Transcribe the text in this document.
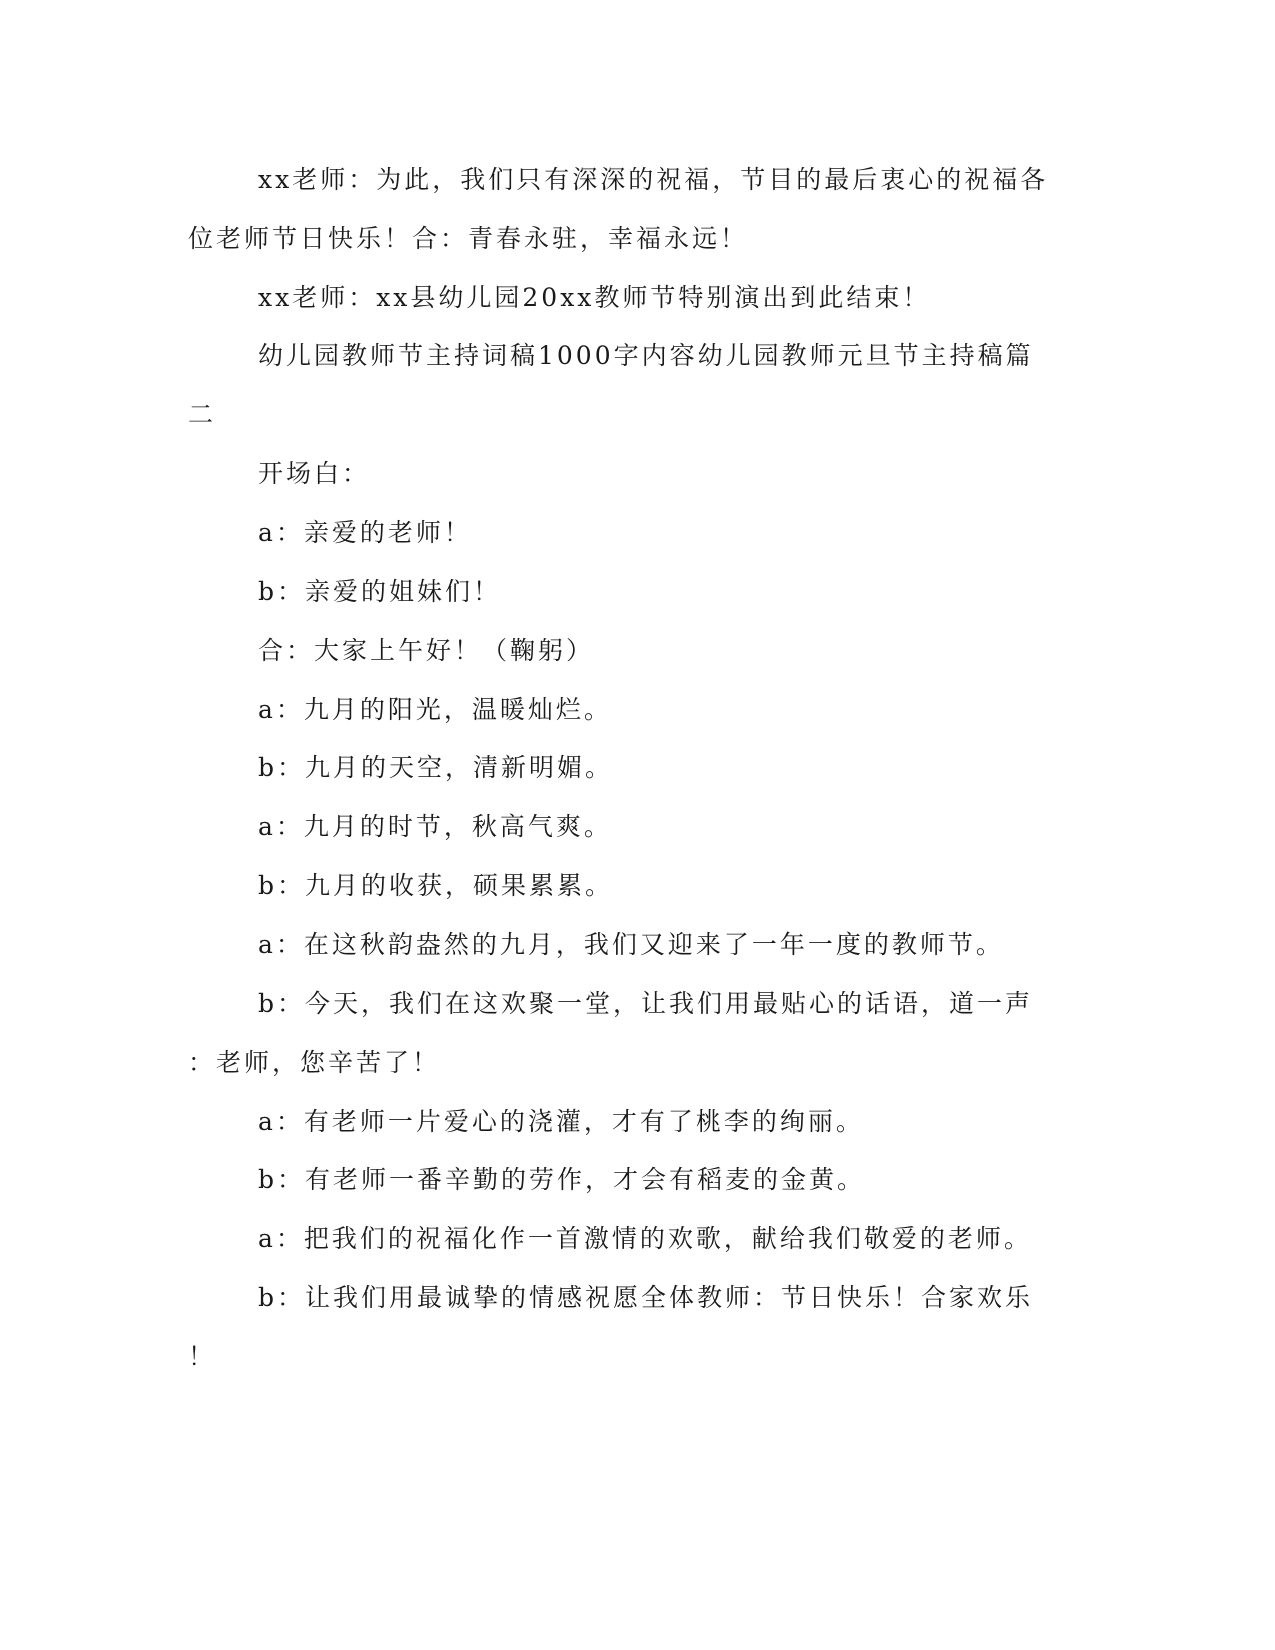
xx老师：为此，我们只有深深的祝福，节目的最后衷心的祝福各
位老师节日快乐！合：青春永驻，幸福永远！
xx老师：xx县幼儿园20xx教师节特别演出到此结束！
幼儿园教师节主持词稿1000字内容幼儿园教师元旦节主持稿篇
二
开场白：
a：亲爱的老师！
b：亲爱的姐妹们！
合：大家上午好！（鞠躬）
a：九月的阳光，温暖灿烂。
b：九月的天空，清新明媚。
a：九月的时节，秋高气爽。
b：九月的收获，硕果累累。
a：在这秋韵盎然的九月，我们又迎来了一年一度的教师节。
b：今天，我们在这欢聚一堂，让我们用最贴心的话语，道一声
：老师，您辛苦了！
a：有老师一片爱心的浇灌，才有了桃李的绚丽。
b：有老师一番辛勤的劳作，才会有稻麦的金黄。
a：把我们的祝福化作一首激情的欢歌，献给我们敬爱的老师。
b：让我们用最诚挚的情感祝愿全体教师：节日快乐！合家欢乐
！
